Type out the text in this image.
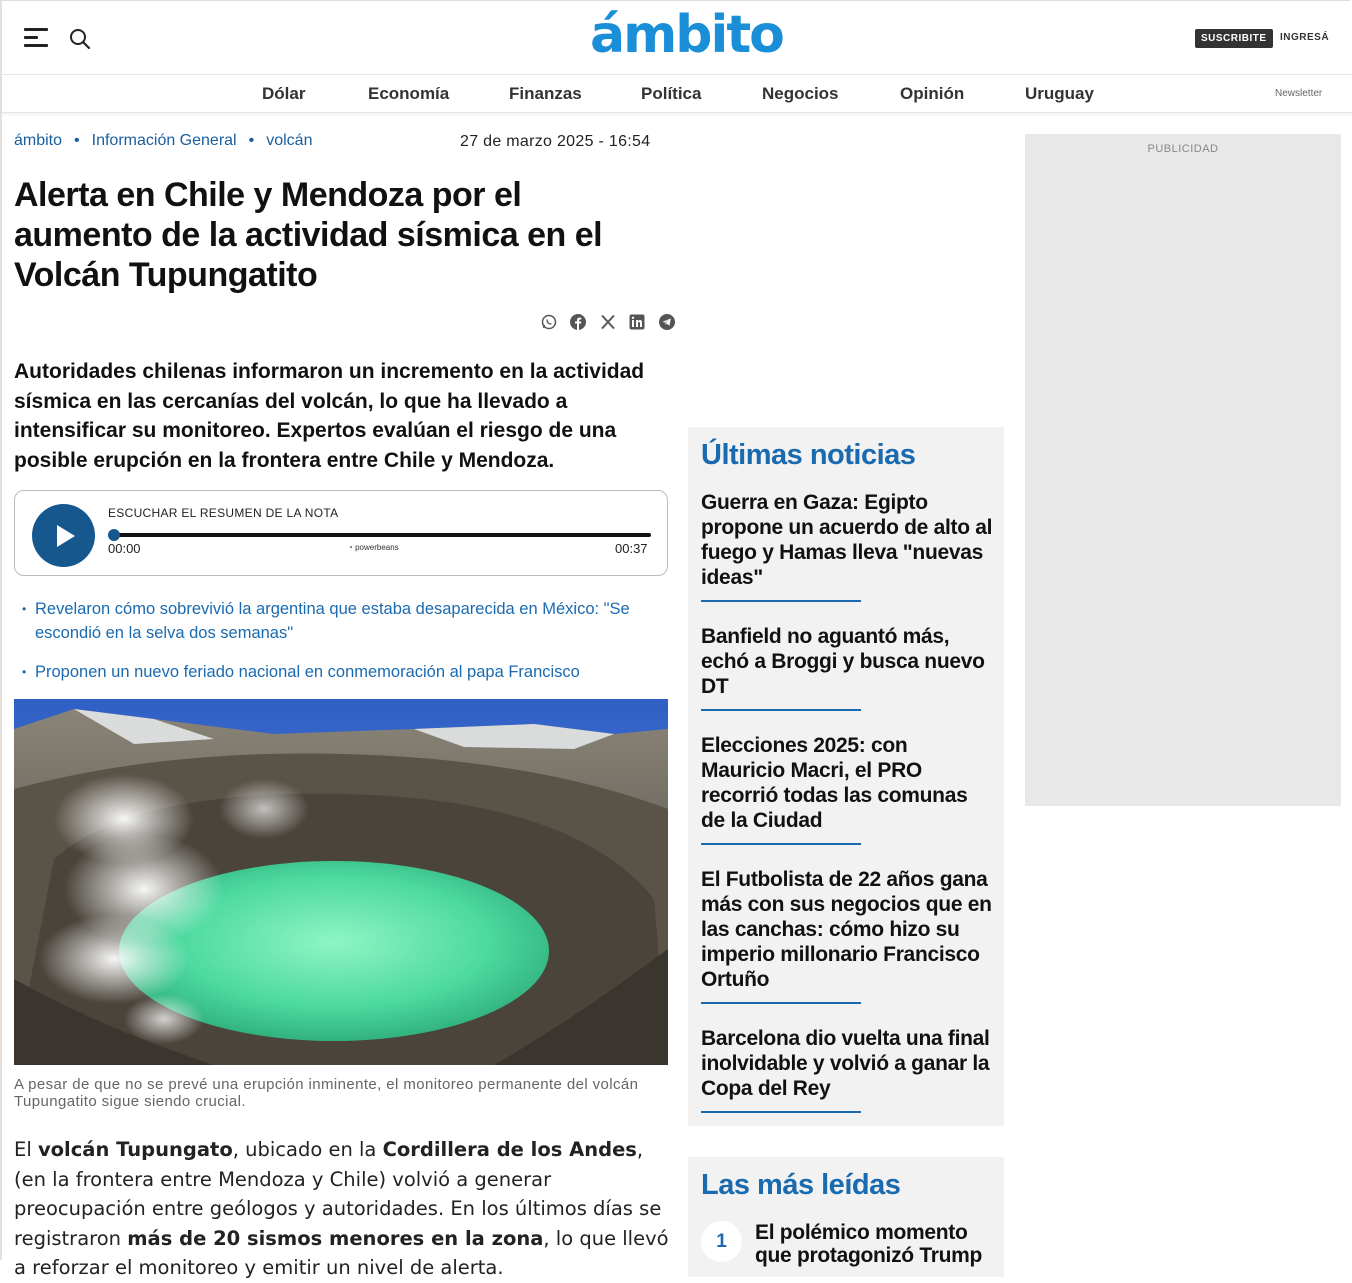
ámbito	SUSCRIBITE	INGRESÁ
Dólar	Economía	Finanzas	Política	Negocios	Opinión	Uruguay	Newsletter
ámbito • Información General • volcán	27 de marzo 2025 - 16:54
Alerta en Chile y Mendoza por el aumento de la actividad sísmica en el Volcán Tupungatito

Autoridades chilenas informaron un incremento en la actividad sísmica en las cercanías del volcán, lo que ha llevado a intensificar su monitoreo. Expertos evalúan el riesgo de una posible erupción en la frontera entre Chile y Mendoza.

ESCUCHAR EL RESUMEN DE LA NOTA
00:00	◔ powerbeans	00:37
• Revelaron cómo sobrevivió la argentina que estaba desaparecida en México: "Se escondió en la selva dos semanas"
• Proponen un nuevo feriado nacional en conmemoración al papa Francisco

A pesar de que no se prevé una erupción inminente, el monitoreo permanente del volcán Tupungatito sigue siendo crucial.

El volcán Tupungato, ubicado en la Cordillera de los Andes, (en la frontera entre Mendoza y Chile) volvió a generar preocupación entre geólogos y autoridades. En los últimos días se registraron más de 20 sismos menores en la zona, lo que llevó a reforzar el monitoreo y emitir un nivel de alerta.

PUBLICIDAD
Últimas noticias
Guerra en Gaza: Egipto propone un acuerdo de alto al fuego y Hamas lleva "nuevas ideas"
Banfield no aguantó más, echó a Broggi y busca nuevo DT
Elecciones 2025: con Mauricio Macri, el PRO recorrió todas las comunas de la Ciudad
El Futbolista de 22 años gana más con sus negocios que en las canchas: cómo hizo su imperio millonario Francisco Ortuño
Barcelona dio vuelta una final inolvidable y volvió a ganar la Copa del Rey
Las más leídas
1	El polémico momento que protagonizó Trump
